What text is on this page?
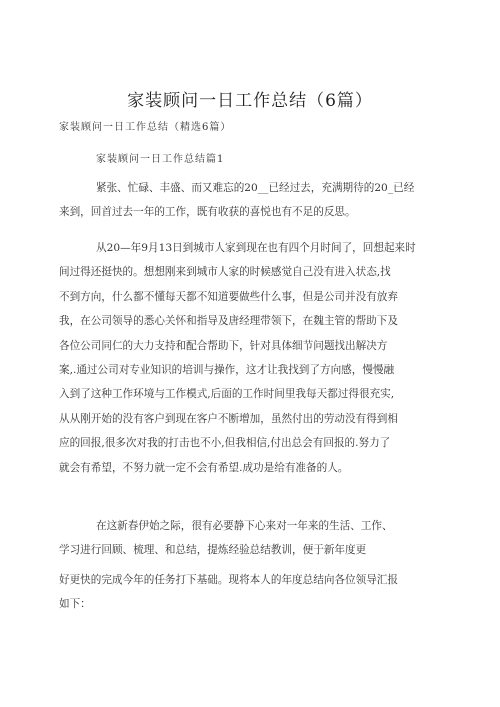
家装顾问一日工作总结（6篇）
家装顾问一日工作总结（精选6篇）
家装顾问一日工作总结篇1
紧张、忙碌、丰盛、而又难忘的20__已经过去，充满期待的20_已经
来到，回首过去一年的工作，既有收获的喜悦也有不足的反思。
从20—年9月13日到城市人家到现在也有四个月时间了，回想起来时
间过得还挺快的。想想刚来到城市人家的时候感觉自己没有进入状态,找
不到方向，什么都不懂每天都不知道要做些什么事，但是公司并没有放弃
我，在公司领导的悉心关怀和指导及唐经理带领下，在魏主管的帮助下及
各位公司同仁的大力支持和配合帮助下，针对具体细节问题找出解决方
案,.通过公司对专业知识的培训与操作，这才让我找到了方向感，慢慢融
入到了这种工作环境与工作模式,后面的工作时间里我每天都过得很充实,
从从刚开始的没有客户到现在客户不断增加，虽然付出的劳动没有得到相
应的回报,很多次对我的打击也不小,但我相信,付出总会有回报的.努力了
就会有希望，不努力就一定不会有希望.成功是给有准备的人。
在这新春伊始之际，很有必要静下心来对一年来的生活、工作、
学习进行回顾、梳理、和总结，提炼经验总结教训，便于新年度更
好更快的完成今年的任务打下基础。现将本人的年度总结向各位领导汇报
如下：
